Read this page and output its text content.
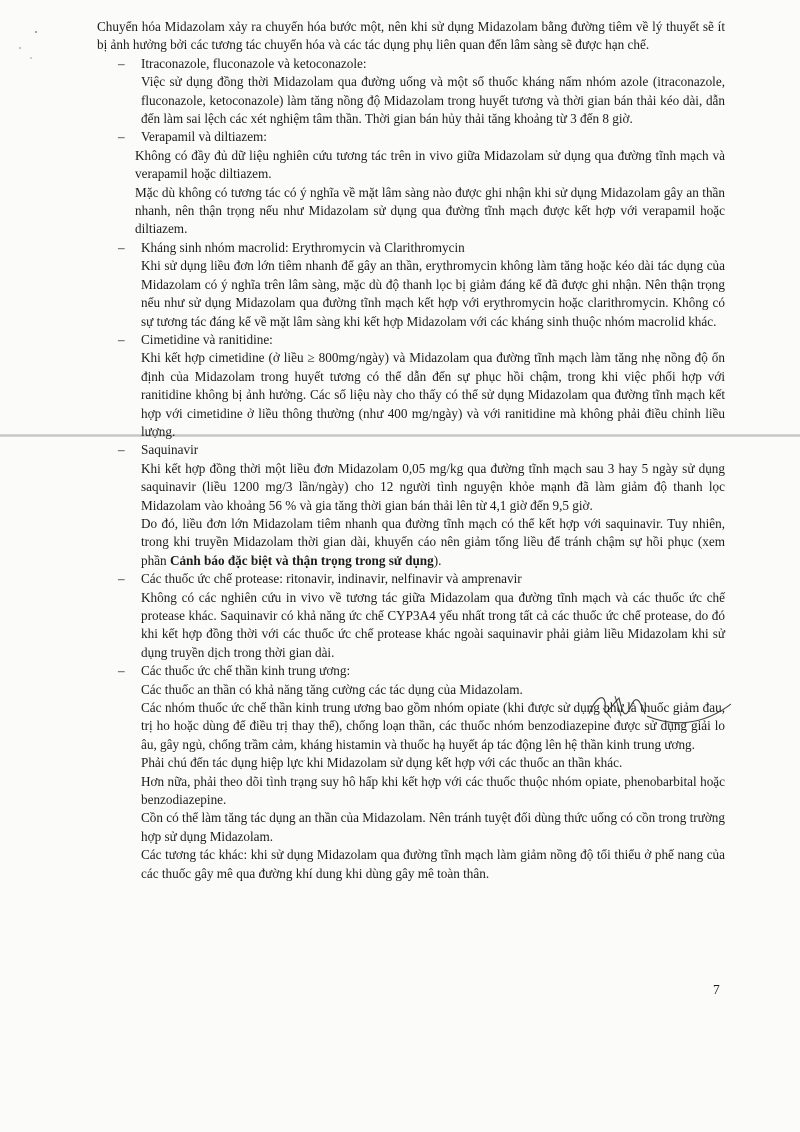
Chuyển hóa Midazolam xảy ra chuyển hóa bước một, nên khi sử dụng Midazolam bằng đường tiêm về lý thuyết sẽ ít bị ảnh hưởng bởi các tương tác chuyển hóa và các tác dụng phụ liên quan đến lâm sàng sẽ được hạn chế.

– Itraconazole, fluconazole và ketoconazole:

Việc sử dụng đồng thời Midazolam qua đường uống và một số thuốc kháng nấm nhóm azole (itraconazole, fluconazole, ketoconazole) làm tăng nồng độ Midazolam trong huyết tương và thời gian bán thải kéo dài, dẫn đến làm sai lệch các xét nghiệm tâm thần. Thời gian bán hủy thải tăng khoảng từ 3 đến 8 giờ.

– Verapamil và diltiazem:

Không có đầy đủ dữ liệu nghiên cứu tương tác trên in vivo giữa Midazolam sử dụng qua đường tĩnh mạch và verapamil hoặc diltiazem.

Mặc dù không có tương tác có ý nghĩa về mặt lâm sàng nào được ghi nhận khi sử dụng Midazolam gây an thần nhanh, nên thận trọng nếu như Midazolam sử dụng qua đường tĩnh mạch được kết hợp với verapamil hoặc diltiazem.

– Kháng sinh nhóm macrolid: Erythromycin và Clarithromycin

Khi sử dụng liều đơn lớn tiêm nhanh để gây an thần, erythromycin không làm tăng hoặc kéo dài tác dụng của Midazolam có ý nghĩa trên lâm sàng, mặc dù độ thanh lọc bị giảm đáng kể đã được ghi nhận. Nên thận trọng nếu như sử dụng Midazolam qua đường tĩnh mạch kết hợp với erythromycin hoặc clarithromycin. Không có sự tương tác đáng kể về mặt lâm sàng khi kết hợp Midazolam với các kháng sinh thuộc nhóm macrolid khác.

– Cimetidine và ranitidine:

Khi kết hợp cimetidine (ở liều ≥ 800mg/ngày) và Midazolam qua đường tĩnh mạch làm tăng nhẹ nồng độ ổn định của Midazolam trong huyết tương có thể dẫn đến sự phục hồi chậm, trong khi việc phối hợp với ranitidine không bị ảnh hưởng. Các số liệu này cho thấy có thể sử dụng Midazolam qua đường tĩnh mạch kết hợp với cimetidine ở liều thông thường (như 400 mg/ngày) và với ranitidine mà không phải điều chỉnh liều lượng.

– Saquinavir

Khi kết hợp đồng thời một liều đơn Midazolam 0,05 mg/kg qua đường tĩnh mạch sau 3 hay 5 ngày sử dụng saquinavir (liều 1200 mg/3 lần/ngày) cho 12 người tình nguyện khỏe mạnh đã làm giảm độ thanh lọc Midazolam vào khoảng 56 % và gia tăng thời gian bán thải lên từ 4,1 giờ đến 9,5 giờ.

Do đó, liều đơn lớn Midazolam tiêm nhanh qua đường tĩnh mạch có thể kết hợp với saquinavir. Tuy nhiên, trong khi truyền Midazolam thời gian dài, khuyến cáo nên giảm tổng liều để tránh chậm sự hồi phục (xem phần Cảnh báo đặc biệt và thận trọng trong sử dụng).

– Các thuốc ức chế protease: ritonavir, indinavir, nelfinavir và amprenavir

Không có các nghiên cứu in vivo về tương tác giữa Midazolam qua đường tĩnh mạch và các thuốc ức chế protease khác. Saquinavir có khả năng ức chế CYP3A4 yếu nhất trong tất cả các thuốc ức chế protease, do đó khi kết hợp đồng thời với các thuốc ức chế protease khác ngoài saquinavir phải giảm liều Midazolam khi sử dụng truyền dịch trong thời gian dài.

– Các thuốc ức chế thần kinh trung ương:

Các thuốc an thần có khả năng tăng cường các tác dụng của Midazolam.

Các nhóm thuốc ức chế thần kinh trung ương bao gồm nhóm opiate (khi được sử dụng như là thuốc giảm đau, trị ho hoặc dùng để điều trị thay thế), chống loạn thần, các thuốc nhóm benzodiazepine được sử dụng giải lo âu, gây ngủ, chống trầm cảm, kháng histamin và thuốc hạ huyết áp tác động lên hệ thần kinh trung ương.

Phải chú đến tác dụng hiệp lực khi Midazolam sử dụng kết hợp với các thuốc an thần khác.

Hơn nữa, phải theo dõi tình trạng suy hô hấp khi kết hợp với các thuốc thuộc nhóm opiate, phenobarbital hoặc benzodiazepine.

Cồn có thể làm tăng tác dụng an thần của Midazolam. Nên tránh tuyệt đối dùng thức uống có cồn trong trường hợp sử dụng Midazolam.

Các tương tác khác: khi sử dụng Midazolam qua đường tĩnh mạch làm giảm nồng độ tối thiểu ở phế nang của các thuốc gây mê qua đường khí dung khi dùng gây mê toàn thân.

7
